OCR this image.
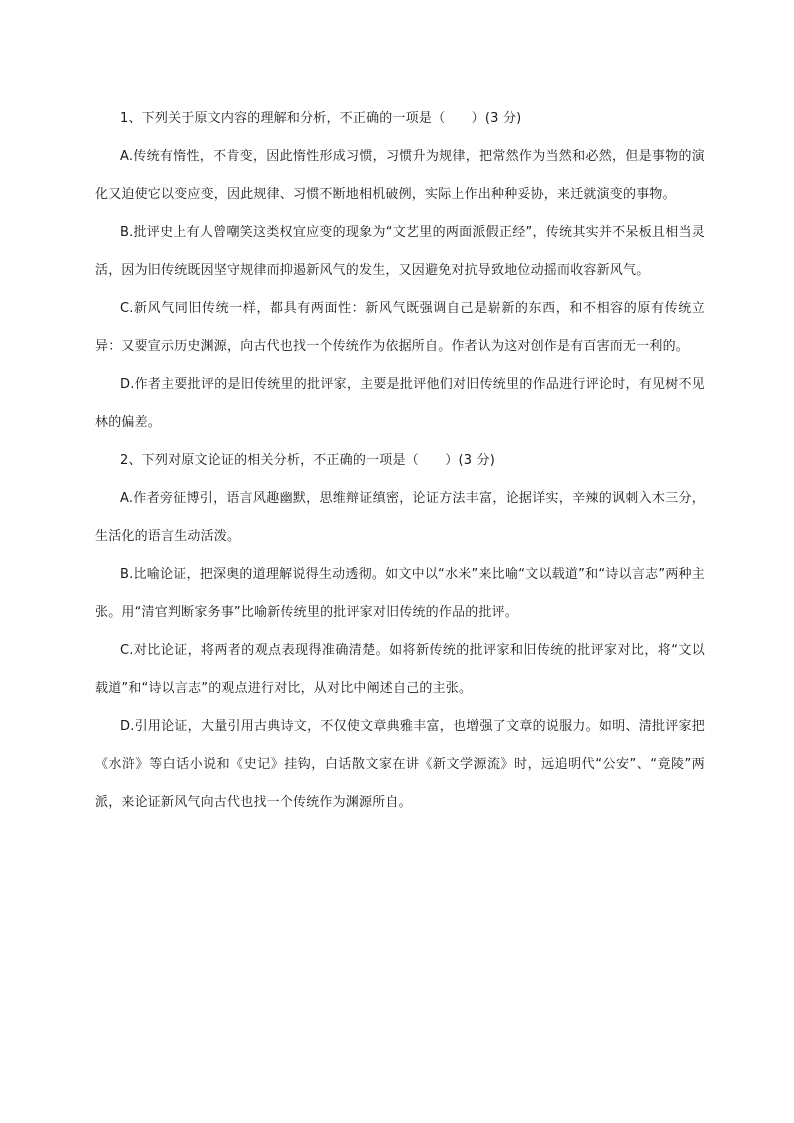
1、下列关于原文内容的理解和分析，不正确的一项是（　　）(3 分)

A.传统有惰性，不肯变，因此惰性形成习惯，习惯升为规律，把常然作为当然和必然，但是事物的演化又迫使它以变应变，因此规律、习惯不断地相机破例，实际上作出种种妥协，来迁就演变的事物。

B.批评史上有人曾嘲笑这类权宜应变的现象为“文艺里的两面派假正经”，传统其实并不呆板且相当灵活，因为旧传统既因坚守规律而抑遏新风气的发生，又因避免对抗导致地位动摇而收容新风气。

C.新风气同旧传统一样，都具有两面性：新风气既强调自己是崭新的东西，和不相容的原有传统立异：又要宣示历史渊源，向古代也找一个传统作为依据所自。作者认为这对创作是有百害而无一利的。

D.作者主要批评的是旧传统里的批评家，主要是批评他们对旧传统里的作品进行评论时，有见树不见林的偏差。

2、下列对原文论证的相关分析，不正确的一项是（　　）(3 分)

A.作者旁征博引，语言风趣幽默，思维辩证缜密，论证方法丰富，论据详实，辛辣的讽刺入木三分，生活化的语言生动活泼。

B.比喻论证，把深奥的道理解说得生动透彻。如文中以“水米”来比喻“文以载道”和“诗以言志”两种主张。用“清官判断家务事”比喻新传统里的批评家对旧传统的作品的批评。

C.对比论证，将两者的观点表现得准确清楚。如将新传统的批评家和旧传统的批评家对比，将“文以载道”和“诗以言志”的观点进行对比，从对比中阐述自己的主张。

D.引用论证，大量引用古典诗文，不仅使文章典雅丰富，也增强了文章的说服力。如明、清批评家把《水浒》等白话小说和《史记》挂钩，白话散文家在讲《新文学源流》时，远追明代“公安”、“竟陵”两派，来论证新风气向古代也找一个传统作为渊源所自。
